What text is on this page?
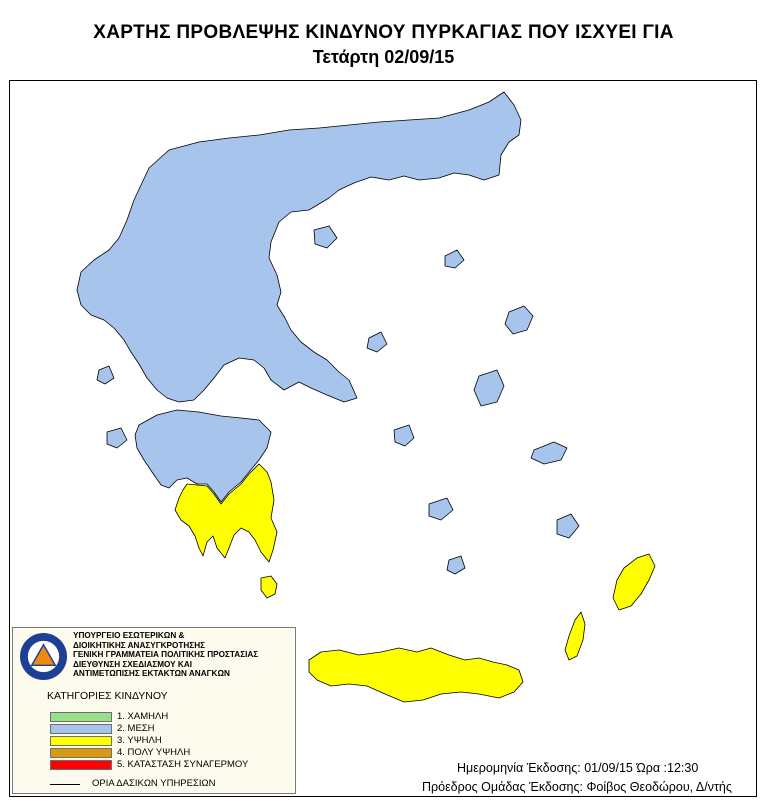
ΧΑΡΤΗΣ ΠΡΟΒΛΕΨΗΣ ΚΙΝΔΥΝΟΥ ΠΥΡΚΑΓΙΑΣ ΠΟΥ ΙΣΧΥΕΙ ΓΙΑ
Τετάρτη 02/09/15
ΥΠΟΥΡΓΕΙΟ ΕΣΩΤΕΡΙΚΩΝ &
ΔΙΟΙΚΗΤΙΚΗΣ ΑΝΑΣΥΓΚΡΟΤΗΣΗΣ
ΓΕΝΙΚΗ ΓΡΑΜΜΑΤΕΙΑ ΠΟΛΙΤΙΚΗΣ ΠΡΟΣΤΑΣΙΑΣ
ΔΙΕΥΘΥΝΣΗ ΣΧΕΔΙΑΣΜΟΥ ΚΑΙ
ΑΝΤΙΜΕΤΩΠΙΣΗΣ ΕΚΤΑΚΤΩΝ ΑΝΑΓΚΩΝ
ΚΑΤΗΓΟΡΙΕΣ ΚΙΝΔΥΝΟΥ
1. ΧΑΜΗΛΗ
2. ΜΕΣΗ
3. ΥΨΗΛΗ
4. ΠΟΛΥ ΥΨΗΛΗ
5. ΚΑΤΑΣΤΑΣΗ ΣΥΝΑΓΕΡΜΟΥ
ΟΡΙΑ ΔΑΣΙΚΩΝ ΥΠΗΡΕΣΙΩΝ
Ημερομηνία Έκδοσης: 01/09/15 Ώρα :12:30
Πρόεδρος Ομάδας Έκδοσης: Φοίβος Θεοδώρου, Δ/ντής
